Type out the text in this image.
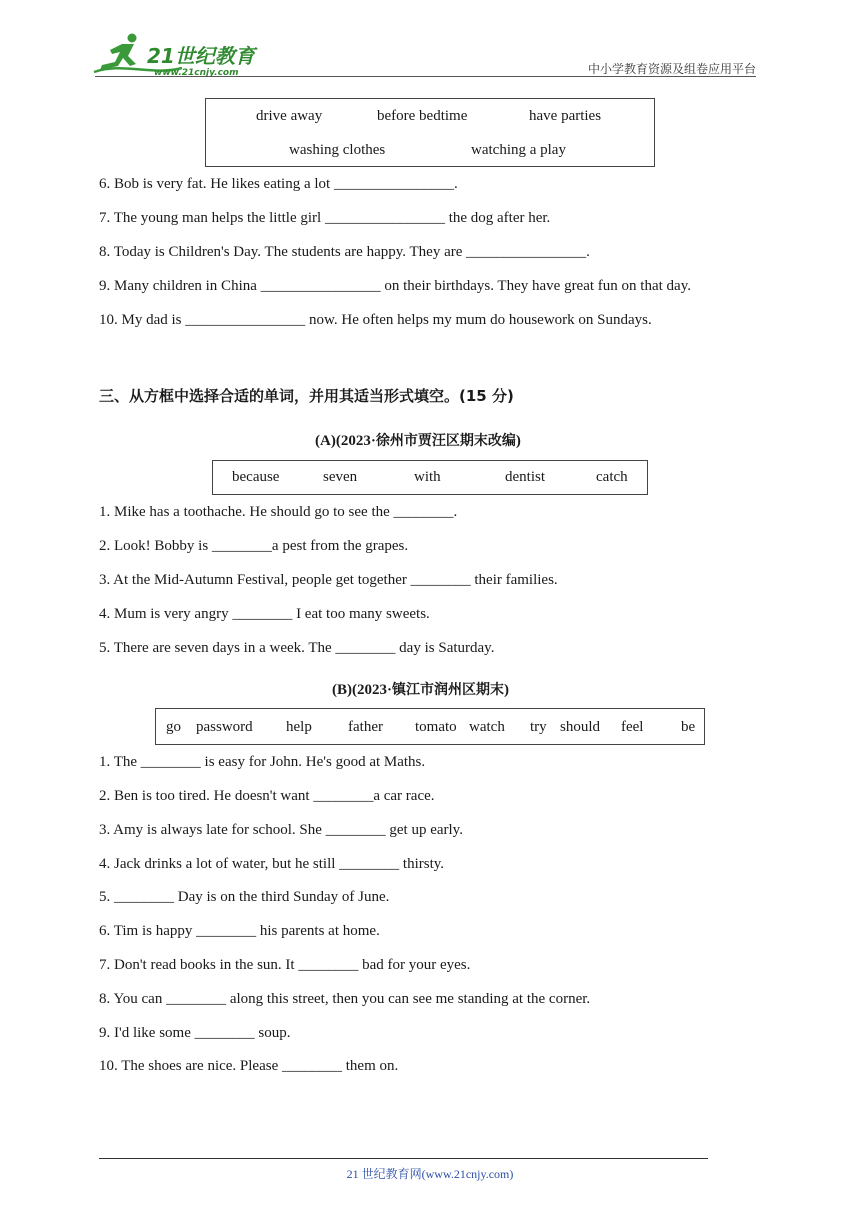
21世纪教育
www.21cnjy.com	中小学教育资源及组卷应用平台
drive away	before bedtime	have parties
washing clothes	watching a play
6. Bob is very fat. He likes eating a lot ________________.
7. The young man helps the little girl ________________ the dog after her.
8. Today is Children's Day. The students are happy. They are ________________.
9. Many children in China ________________ on their birthdays. They have great fun on that day.
10. My dad is ________________ now. He often helps my mum do housework on Sundays.
三、从方框中选择合适的单词，并用其适当形式填空。(15 分)
(A)(2023·徐州市贾汪区期末改编)
because	seven	with	dentist	catch
1. Mike has a toothache. He should go to see the ________.
2. Look! Bobby is ________a pest from the grapes.
3. At the Mid-Autumn Festival, people get together ________ their families.
4. Mum is very angry ________ I eat too many sweets.
5. There are seven days in a week. The ________ day is Saturday.
(B)(2023·镇江市润州区期末)
go password help father tomato watch try should feel	be
1. The ________ is easy for John. He's good at Maths.
2. Ben is too tired. He doesn't want ________a car race.
3. Amy is always late for school. She ________ get up early.
4. Jack drinks a lot of water, but he still ________ thirsty.
5. ________ Day is on the third Sunday of June.
6. Tim is happy ________ his parents at home.
7. Don't read books in the sun. It ________ bad for your eyes.
8. You can ________ along this street, then you can see me standing at the corner.
9. I'd like some ________ soup.
10. The shoes are nice. Please ________ them on.
21 世纪教育网(www.21cnjy.com)
